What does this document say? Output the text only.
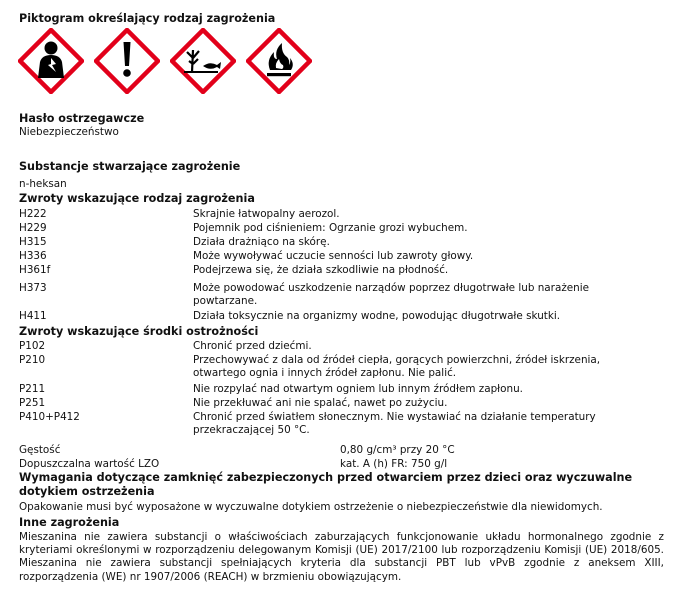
Piktogram określający rodzaj zagrożenia
Hasło ostrzegawcze
Niebezpieczeństwo
Substancje stwarzające zagrożenie
n-heksan
Zwroty wskazujące rodzaj zagrożenia
H222	Skrajnie łatwopalny aerozol.
H229	Pojemnik pod ciśnieniem: Ogrzanie grozi wybuchem.
H315	Działa drażniąco na skórę.
H336	Może wywoływać uczucie senności lub zawroty głowy.
H361f	Podejrzewa się, że działa szkodliwie na płodność.
H373	Może powodować uszkodzenie narządów poprzez długotrwałe lub narażenie powtarzane.
H411	Działa toksycznie na organizmy wodne, powodując długotrwałe skutki.
Zwroty wskazujące środki ostrożności
P102	Chronić przed dziećmi.
P210	Przechowywać z dala od źródeł ciepła, gorących powierzchni, źródeł iskrzenia, otwartego ognia i innych źródeł zapłonu. Nie palić.
P211	Nie rozpylać nad otwartym ogniem lub innym źródłem zapłonu.
P251	Nie przekłuwać ani nie spalać, nawet po zużyciu.
P410+P412	Chronić przed światłem słonecznym. Nie wystawiać na działanie temperatury przekraczającej 50 °C.
Gęstość	0,80 g/cm³ przy 20 °C
Dopuszczalna wartość LZO	kat. A (h) FR: 750 g/l
Wymagania dotyczące zamknięć zabezpieczonych przed otwarciem przez dzieci oraz wyczuwalne dotykiem ostrzeżenia
Opakowanie musi być wyposażone w wyczuwalne dotykiem ostrzeżenie o niebezpieczeństwie dla niewidomych.
Inne zagrożenia
Mieszanina nie zawiera substancji o właściwościach zaburzających funkcjonowanie układu hormonalnego zgodnie z kryteriami określonymi w rozporządzeniu delegowanym Komisji (UE) 2017/2100 lub rozporządzeniu Komisji (UE) 2018/605. Mieszanina nie zawiera substancji spełniających kryteria dla substancji PBT lub vPvB zgodnie z aneksem XIII, rozporządzenia (WE) nr 1907/2006 (REACH) w brzmieniu obowiązującym.
